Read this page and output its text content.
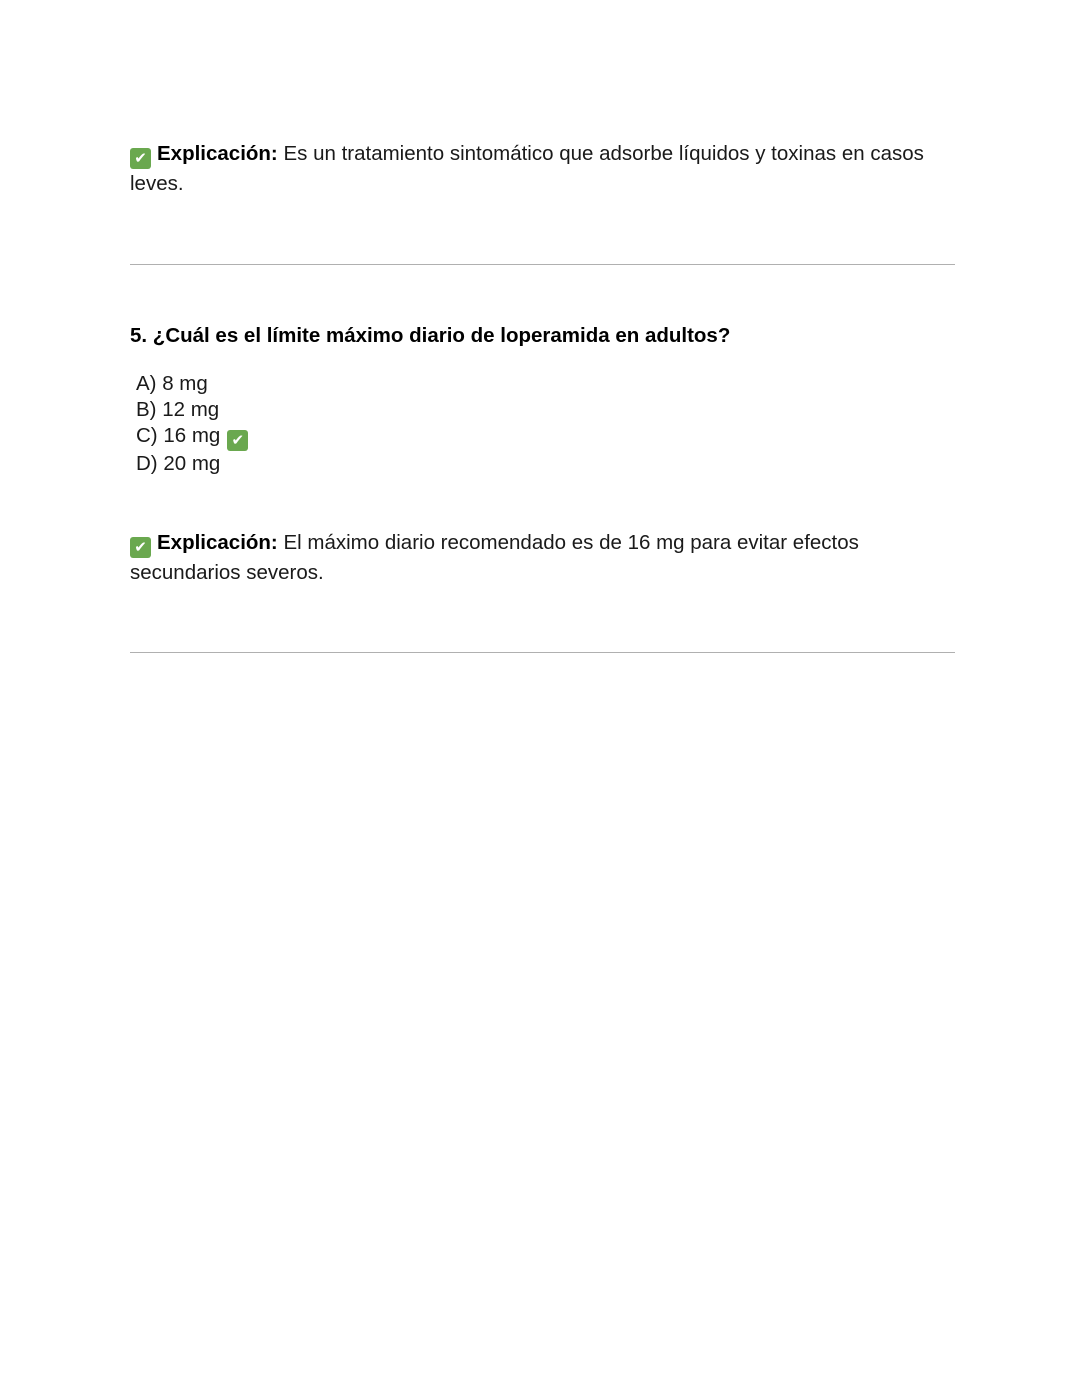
✔ Explicación: Es un tratamiento sintomático que adsorbe líquidos y toxinas en casos leves.

5. ¿Cuál es el límite máximo diario de loperamida en adultos?

A) 8 mg
B) 12 mg
C) 16 mg ✔
D) 20 mg

✔ Explicación: El máximo diario recomendado es de 16 mg para evitar efectos secundarios severos.
